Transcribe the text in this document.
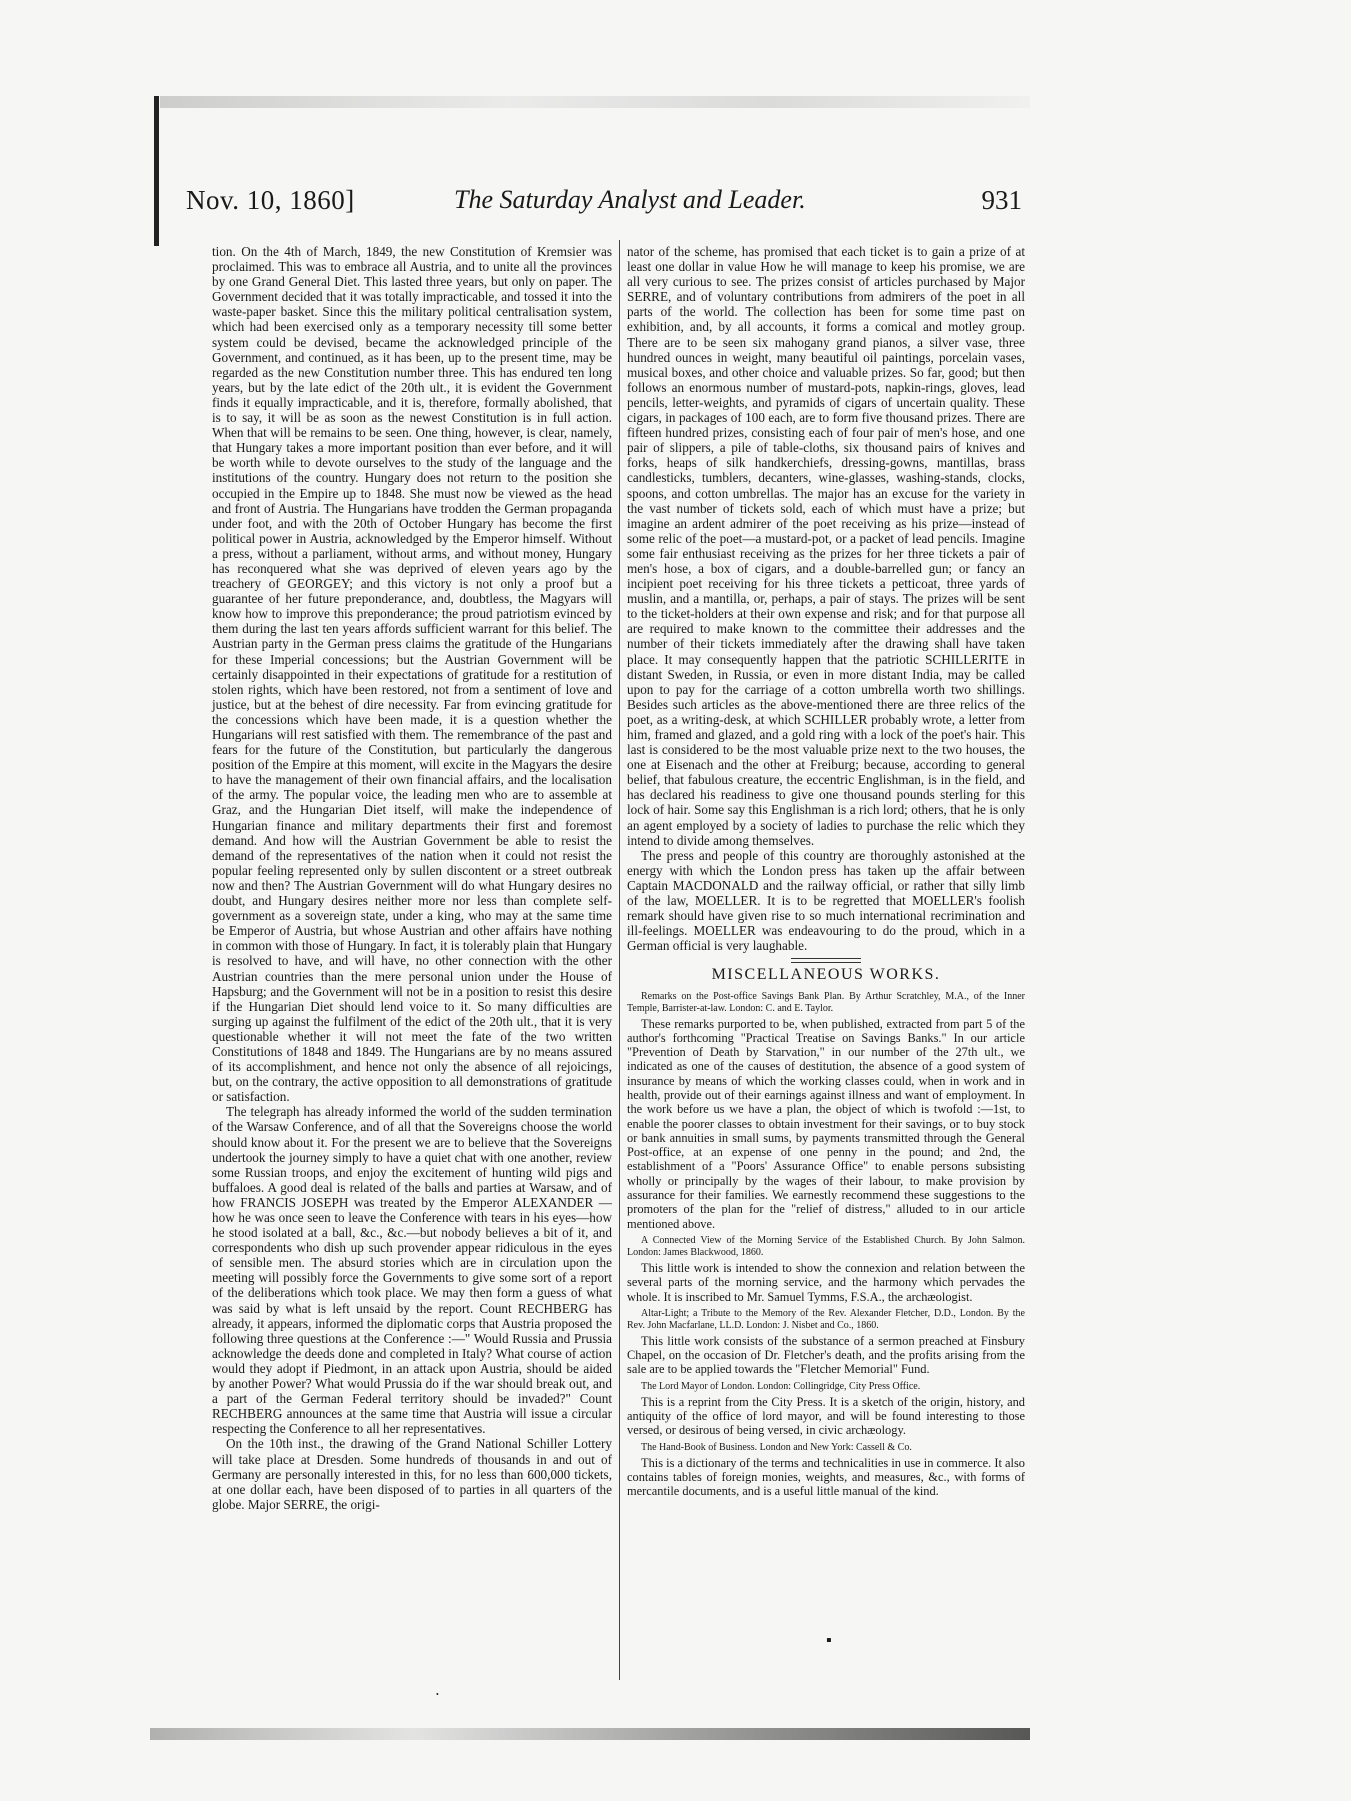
Nov. 10, 1860]	The Saturday Analyst and Leader.	931

tion. On the 4th of March, 1849, the new Constitution of Kremsier was proclaimed. This was to embrace all Austria, and to unite all the provinces by one Grand General Diet. This lasted three years, but only on paper. The Government decided that it was totally impracticable, and tossed it into the waste-paper basket. Since this the military political centralisation system, which had been exercised only as a temporary necessity till some better system could be devised, became the acknowledged principle of the Government, and continued, as it has been, up to the present time, may be regarded as the new Constitution number three. This has endured ten long years, but by the late edict of the 20th ult., it is evident the Government finds it equally impracticable, and it is, therefore, formally abolished, that is to say, it will be as soon as the newest Constitution is in full action. When that will be remains to be seen. One thing, however, is clear, namely, that Hungary takes a more important position than ever before, and it will be worth while to devote ourselves to the study of the language and the institutions of the country. Hungary does not return to the position she occupied in the Empire up to 1848. She must now be viewed as the head and front of Austria. The Hungarians have trodden the German propaganda under foot, and with the 20th of October Hungary has become the first political power in Austria, acknowledged by the Emperor himself. Without a press, without a parliament, without arms, and without money, Hungary has reconquered what she was deprived of eleven years ago by the treachery of GEORGEY; and this victory is not only a proof but a guarantee of her future preponderance, and, doubtless, the Magyars will know how to improve this preponderance; the proud patriotism evinced by them during the last ten years affords sufficient warrant for this belief. The Austrian party in the German press claims the gratitude of the Hungarians for these Imperial concessions; but the Austrian Government will be certainly disappointed in their expectations of gratitude for a restitution of stolen rights, which have been restored, not from a sentiment of love and justice, but at the behest of dire necessity. Far from evincing gratitude for the concessions which have been made, it is a question whether the Hungarians will rest satisfied with them. The remembrance of the past and fears for the future of the Constitution, but particularly the dangerous position of the Empire at this moment, will excite in the Magyars the desire to have the management of their own financial affairs, and the localisation of the army. The popular voice, the leading men who are to assemble at Graz, and the Hungarian Diet itself, will make the independence of Hungarian finance and military departments their first and foremost demand. And how will the Austrian Government be able to resist the demand of the representatives of the nation when it could not resist the popular feeling represented only by sullen discontent or a street outbreak now and then? The Austrian Government will do what Hungary desires no doubt, and Hungary desires neither more nor less than complete self-government as a sovereign state, under a king, who may at the same time be Emperor of Austria, but whose Austrian and other affairs have nothing in common with those of Hungary. In fact, it is tolerably plain that Hungary is resolved to have, and will have, no other connection with the other Austrian countries than the mere personal union under the House of Hapsburg; and the Government will not be in a position to resist this desire if the Hungarian Diet should lend voice to it. So many difficulties are surging up against the fulfilment of the edict of the 20th ult., that it is very questionable whether it will not meet the fate of the two written Constitutions of 1848 and 1849. The Hungarians are by no means assured of its accomplishment, and hence not only the absence of all rejoicings, but, on the contrary, the active opposition to all demonstrations of gratitude or satisfaction.

The telegraph has already informed the world of the sudden termination of the Warsaw Conference, and of all that the Sovereigns choose the world should know about it. For the present we are to believe that the Sovereigns undertook the journey simply to have a quiet chat with one another, review some Russian troops, and enjoy the excitement of hunting wild pigs and buffaloes. A good deal is related of the balls and parties at Warsaw, and of how FRANCIS JOSEPH was treated by the Emperor ALEXANDER —how he was once seen to leave the Conference with tears in his eyes—how he stood isolated at a ball, &c., &c.—but nobody believes a bit of it, and correspondents who dish up such provender appear ridiculous in the eyes of sensible men. The absurd stories which are in circulation upon the meeting will possibly force the Governments to give some sort of a report of the deliberations which took place. We may then form a guess of what was said by what is left unsaid by the report. Count RECHBERG has already, it appears, informed the diplomatic corps that Austria proposed the following three questions at the Conference :—" Would Russia and Prussia acknowledge the deeds done and completed in Italy? What course of action would they adopt if Piedmont, in an attack upon Austria, should be aided by another Power? What would Prussia do if the war should break out, and a part of the German Federal territory should be invaded?" Count RECHBERG announces at the same time that Austria will issue a circular respecting the Conference to all her representatives.

On the 10th inst., the drawing of the Grand National Schiller Lottery will take place at Dresden. Some hundreds of thousands in and out of Germany are personally interested in this, for no less than 600,000 tickets, at one dollar each, have been disposed of to parties in all quarters of the globe. Major SERRE, the origi-

nator of the scheme, has promised that each ticket is to gain a prize of at least one dollar in value How he will manage to keep his promise, we are all very curious to see. The prizes consist of articles purchased by Major SERRE, and of voluntary contributions from admirers of the poet in all parts of the world. The collection has been for some time past on exhibition, and, by all accounts, it forms a comical and motley group. There are to be seen six mahogany grand pianos, a silver vase, three hundred ounces in weight, many beautiful oil paintings, porcelain vases, musical boxes, and other choice and valuable prizes. So far, good; but then follows an enormous number of mustard-pots, napkin-rings, gloves, lead pencils, letter-weights, and pyramids of cigars of uncertain quality. These cigars, in packages of 100 each, are to form five thousand prizes. There are fifteen hundred prizes, consisting each of four pair of men's hose, and one pair of slippers, a pile of table-cloths, six thousand pairs of knives and forks, heaps of silk handkerchiefs, dressing-gowns, mantillas, brass candlesticks, tumblers, decanters, wine-glasses, washing-stands, clocks, spoons, and cotton umbrellas. The major has an excuse for the variety in the vast number of tickets sold, each of which must have a prize; but imagine an ardent admirer of the poet receiving as his prize—instead of some relic of the poet—a mustard-pot, or a packet of lead pencils. Imagine some fair enthusiast receiving as the prizes for her three tickets a pair of men's hose, a box of cigars, and a double-barrelled gun; or fancy an incipient poet receiving for his three tickets a petticoat, three yards of muslin, and a mantilla, or, perhaps, a pair of stays. The prizes will be sent to the ticket-holders at their own expense and risk; and for that purpose all are required to make known to the committee their addresses and the number of their tickets immediately after the drawing shall have taken place. It may consequently happen that the patriotic SCHILLERITE in distant Sweden, in Russia, or even in more distant India, may be called upon to pay for the carriage of a cotton umbrella worth two shillings. Besides such articles as the above-mentioned there are three relics of the poet, as a writing-desk, at which SCHILLER probably wrote, a letter from him, framed and glazed, and a gold ring with a lock of the poet's hair. This last is considered to be the most valuable prize next to the two houses, the one at Eisenach and the other at Freiburg; because, according to general belief, that fabulous creature, the eccentric Englishman, is in the field, and has declared his readiness to give one thousand pounds sterling for this lock of hair. Some say this Englishman is a rich lord; others, that he is only an agent employed by a society of ladies to purchase the relic which they intend to divide among themselves.

The press and people of this country are thoroughly astonished at the energy with which the London press has taken up the affair between Captain MACDONALD and the railway official, or rather that silly limb of the law, MOELLER. It is to be regretted that MOELLER's foolish remark should have given rise to so much international recrimination and ill-feelings. MOELLER was endeavouring to do the proud, which in a German official is very laughable.

MISCELLANEOUS WORKS.
Remarks on the Post-office Savings Bank Plan. By Arthur Scratchley, M.A., of the Inner Temple, Barrister-at-law. London: C. and E. Taylor.

These remarks purported to be, when published, extracted from part 5 of the author's forthcoming "Practical Treatise on Savings Banks." In our article "Prevention of Death by Starvation," in our number of the 27th ult., we indicated as one of the causes of destitution, the absence of a good system of insurance by means of which the working classes could, when in work and in health, provide out of their earnings against illness and want of employment. In the work before us we have a plan, the object of which is twofold :—1st, to enable the poorer classes to obtain investment for their savings, or to buy stock or bank annuities in small sums, by payments transmitted through the General Post-office, at an expense of one penny in the pound; and 2nd, the establishment of a "Poors' Assurance Office" to enable persons subsisting wholly or principally by the wages of their labour, to make provision by assurance for their families. We earnestly recommend these suggestions to the promoters of the plan for the "relief of distress," alluded to in our article mentioned above.

A Connected View of the Morning Service of the Established Church. By John Salmon. London: James Blackwood, 1860.

This little work is intended to show the connexion and relation between the several parts of the morning service, and the harmony which pervades the whole. It is inscribed to Mr. Samuel Tymms, F.S.A., the archæologist.

Altar-Light; a Tribute to the Memory of the Rev. Alexander Fletcher, D.D., London. By the Rev. John Macfarlane, LL.D. London: J. Nisbet and Co., 1860.

This little work consists of the substance of a sermon preached at Finsbury Chapel, on the occasion of Dr. Fletcher's death, and the profits arising from the sale are to be applied towards the "Fletcher Memorial" Fund.

The Lord Mayor of London. London: Collingridge, City Press Office.

This is a reprint from the City Press. It is a sketch of the origin, history, and antiquity of the office of lord mayor, and will be found interesting to those versed, or desirous of being versed, in civic archæology.

The Hand-Book of Business. London and New York: Cassell & Co.

This is a dictionary of the terms and technicalities in use in commerce. It also contains tables of foreign monies, weights, and measures, &c., with forms of mercantile documents, and is a useful little manual of the kind.

▪
•
